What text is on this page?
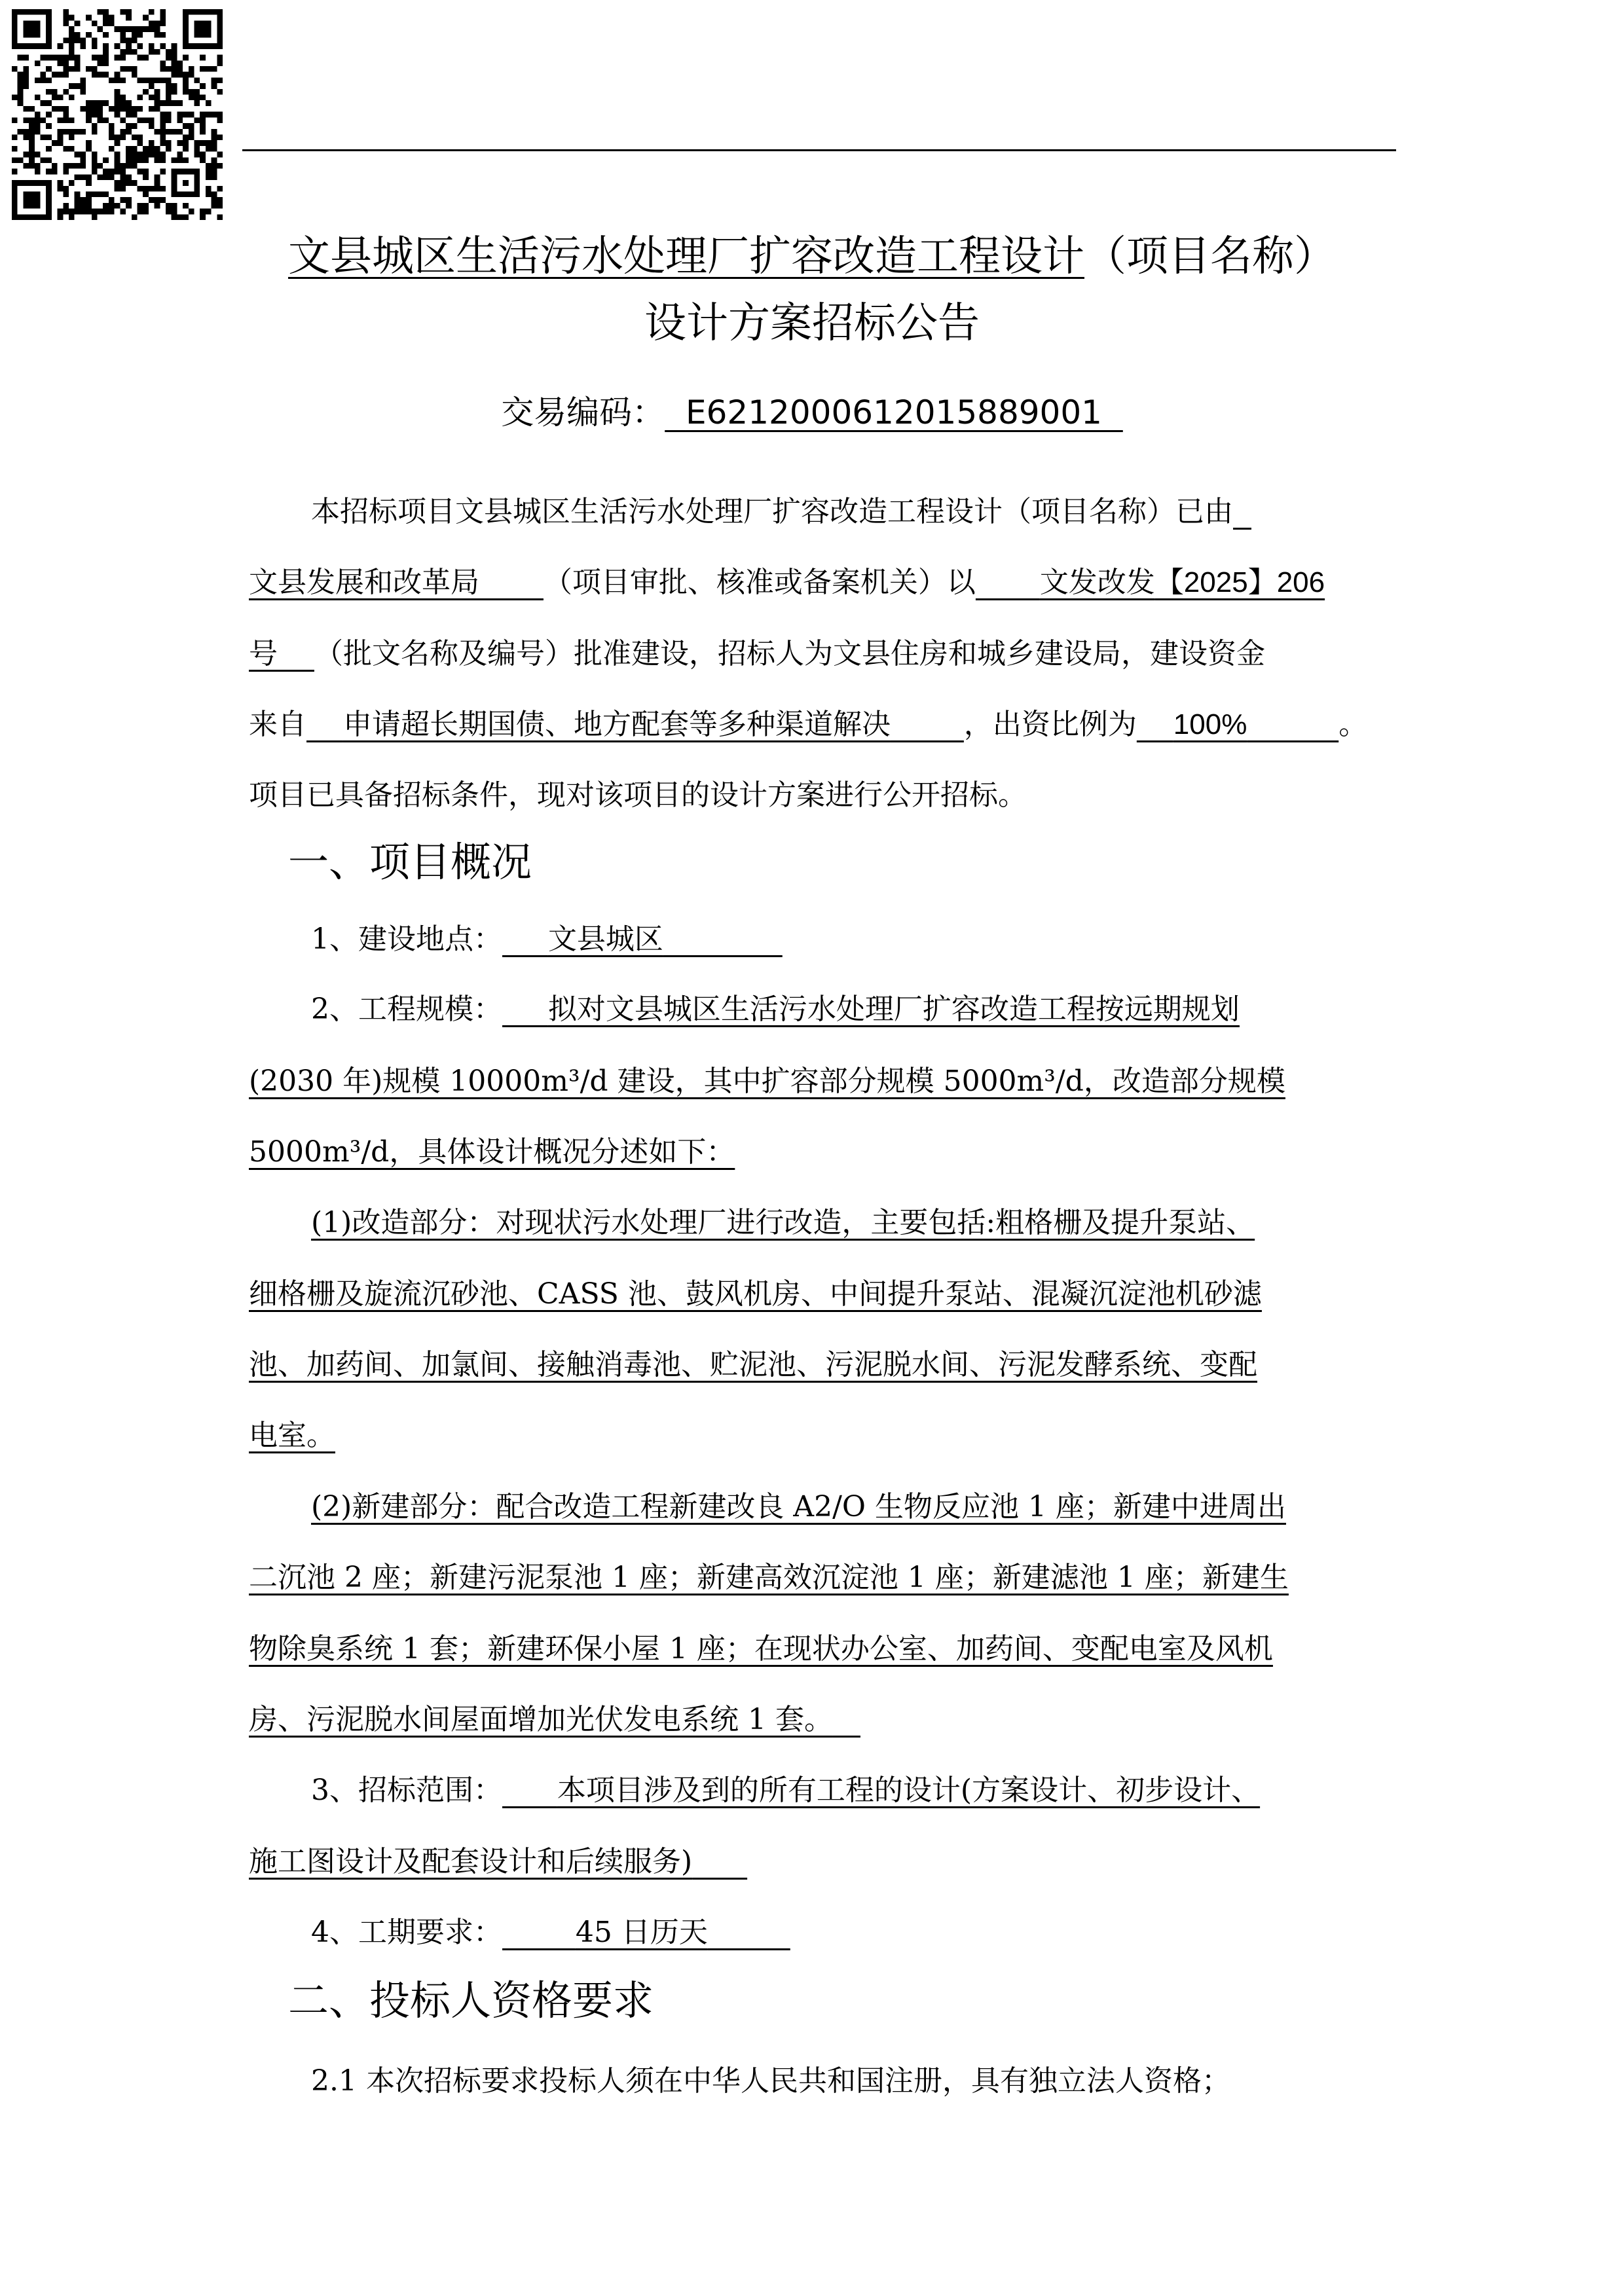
文县城区生活污水处理厂扩容改造工程设计（项目名称）
设计方案招标公告
交易编码： E6212000612015889001
本招标项目文县城区生活污水处理厂扩容改造工程设计（项目名称）已由
文县发展和改革局 （项目审批、核准或备案机关）以 文发改发【2025】206
号 （批文名称及编号）批准建设，招标人为文县住房和城乡建设局，建设资金
来自 申请超长期国债、地方配套等多种渠道解决	，出资比例为 100%	。
项目已具备招标条件，现对该项目的设计方案进行公开招标。
一、项目概况
1、建设地点： 文县城区
2、工程规模： 拟对文县城区生活污水处理厂扩容改造工程按远期规划
(2030 年)规模 10000m³/d 建设，其中扩容部分规模 5000m³/d，改造部分规模
5000m³/d，具体设计概况分述如下：
(1)改造部分：对现状污水处理厂进行改造，主要包括:粗格栅及提升泵站、
细格栅及旋流沉砂池、CASS 池、鼓风机房、中间提升泵站、混凝沉淀池机砂滤
池、加药间、加氯间、接触消毒池、贮泥池、污泥脱水间、污泥发酵系统、变配
电室。
(2)新建部分：配合改造工程新建改良 A2/O 生物反应池 1 座；新建中进周出
二沉池 2 座；新建污泥泵池 1 座；新建高效沉淀池 1 座；新建滤池 1 座；新建生
物除臭系统 1 套；新建环保小屋 1 座；在现状办公室、加药间、变配电室及风机
房、污泥脱水间屋面增加光伏发电系统 1 套。
3、招标范围： 本项目涉及到的所有工程的设计(方案设计、初步设计、
施工图设计及配套设计和后续服务)
4、工期要求：	45 日历天
二、投标人资格要求
2.1 本次招标要求投标人须在中华人民共和国注册，具有独立法人资格；
